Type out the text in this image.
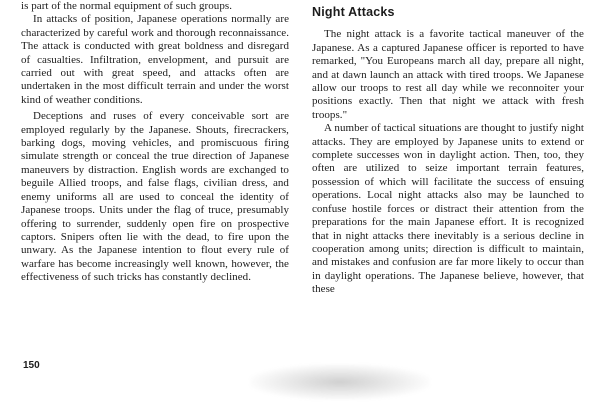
is part of the normal equipment of such groups.

In attacks of position, Japanese operations normally are characterized by careful work and thorough reconnaissance. The attack is conducted with great boldness and disregard of casualties. Infiltration, envelopment, and pursuit are carried out with great speed, and attacks often are undertaken in the most difficult terrain and under the worst kind of weather conditions.

Deceptions and ruses of every conceivable sort are employed regularly by the Japanese. Shouts, firecrackers, barking dogs, moving vehicles, and promiscuous firing simulate strength or conceal the true direction of Japanese maneuvers by distraction. English words are exchanged to beguile Allied troops, and false flags, civilian dress, and enemy uniforms all are used to conceal the identity of Japanese troops. Units under the flag of truce, presumably offering to surrender, suddenly open fire on prospective captors. Snipers often lie with the dead, to fire upon the unwary. As the Japanese intention to flout every rule of warfare has become increasingly well known, however, the effectiveness of such tricks has constantly declined.

Night Attacks

The night attack is a favorite tactical maneuver of the Japanese. As a captured Japanese officer is reported to have remarked, "You Europeans march all day, prepare all night, and at dawn launch an attack with tired troops. We Japanese allow our troops to rest all day while we reconnoiter your positions exactly. Then that night we attack with fresh troops."

A number of tactical situations are thought to justify night attacks. They are employed by Japanese units to extend or complete successes won in daylight action. Then, too, they often are utilized to seize important terrain features, possession of which will facilitate the success of ensuing operations. Local night attacks also may be launched to confuse hostile forces or distract their attention from the preparations for the main Japanese effort. It is recognized that in night attacks there inevitably is a serious decline in cooperation among units; direction is difficult to maintain, and mistakes and confusion are far more likely to occur than in daylight operations. The Japanese believe, however, that these

150
